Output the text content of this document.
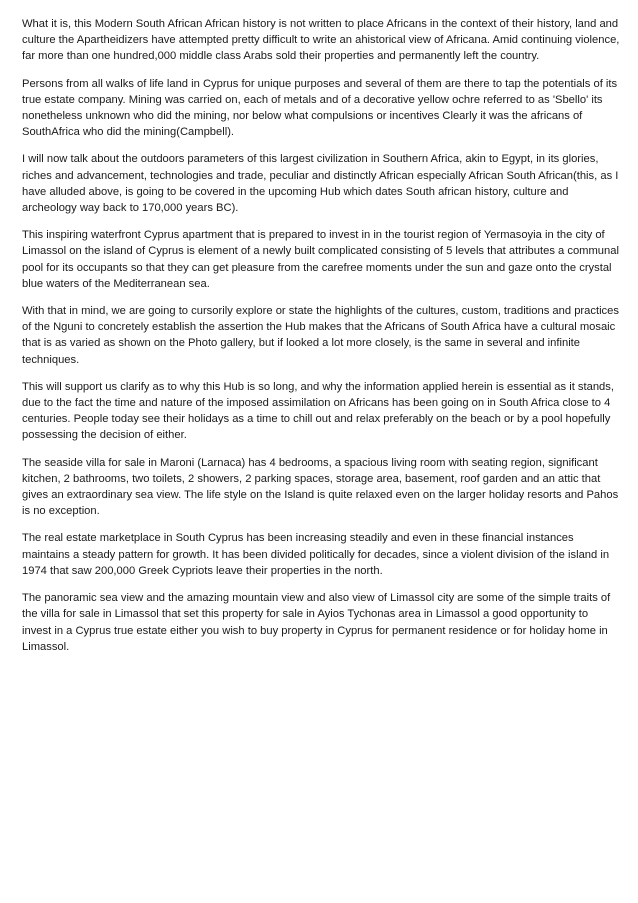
What it is, this Modern South African African history is not written to place Africans in the context of their history, land and culture the Apartheidizers have attempted pretty difficult to write an ahistorical view of Africana. Amid continuing violence, far more than one hundred,000 middle class Arabs sold their properties and permanently left the country.

Persons from all walks of life land in Cyprus for unique purposes and several of them are there to tap the potentials of its true estate company. Mining was carried on, each of metals and of a decorative yellow ochre referred to as 'Sbello' its nonetheless unknown who did the mining, nor below what compulsions or incentives Clearly it was the africans of SouthAfrica who did the mining(Campbell).

I will now talk about the outdoors parameters of this largest civilization in Southern Africa, akin to Egypt, in its glories, riches and advancement, technologies and trade, peculiar and distinctly African especially African South African(this, as I have alluded above, is going to be covered in the upcoming Hub which dates South african history, culture and archeology way back to 170,000 years BC).

This inspiring waterfront Cyprus apartment that is prepared to invest in in the tourist region of Yermasoyia in the city of Limassol on the island of Cyprus is element of a newly built complicated consisting of 5 levels that attributes a communal pool for its occupants so that they can get pleasure from the carefree moments under the sun and gaze onto the crystal blue waters of the Mediterranean sea.

With that in mind, we are going to cursorily explore or state the highlights of the cultures, custom, traditions and practices of the Nguni to concretely establish the assertion the Hub makes that the Africans of South Africa have a cultural mosaic that is as varied as shown on the Photo gallery, but if looked a lot more closely, is the same in several and infinite techniques.

This will support us clarify as to why this Hub is so long, and why the information applied herein is essential as it stands, due to the fact the time and nature of the imposed assimilation on Africans has been going on in South Africa close to 4 centuries. People today see their holidays as a time to chill out and relax preferably on the beach or by a pool hopefully possessing the decision of either.

The seaside villa for sale in Maroni (Larnaca) has 4 bedrooms, a spacious living room with seating region, significant kitchen, 2 bathrooms, two toilets, 2 showers, 2 parking spaces, storage area, basement, roof garden and an attic that gives an extraordinary sea view. The life style on the Island is quite relaxed even on the larger holiday resorts and Pahos is no exception.

The real estate marketplace in South Cyprus has been increasing steadily and even in these financial instances maintains a steady pattern for growth. It has been divided politically for decades, since a violent division of the island in 1974 that saw 200,000 Greek Cypriots leave their properties in the north.

The panoramic sea view and the amazing mountain view and also view of Limassol city are some of the simple traits of the villa for sale in Limassol that set this property for sale in Ayios Tychonas area in Limassol a good opportunity to invest in a Cyprus true estate either you wish to buy property in Cyprus for permanent residence or for holiday home in Limassol.
